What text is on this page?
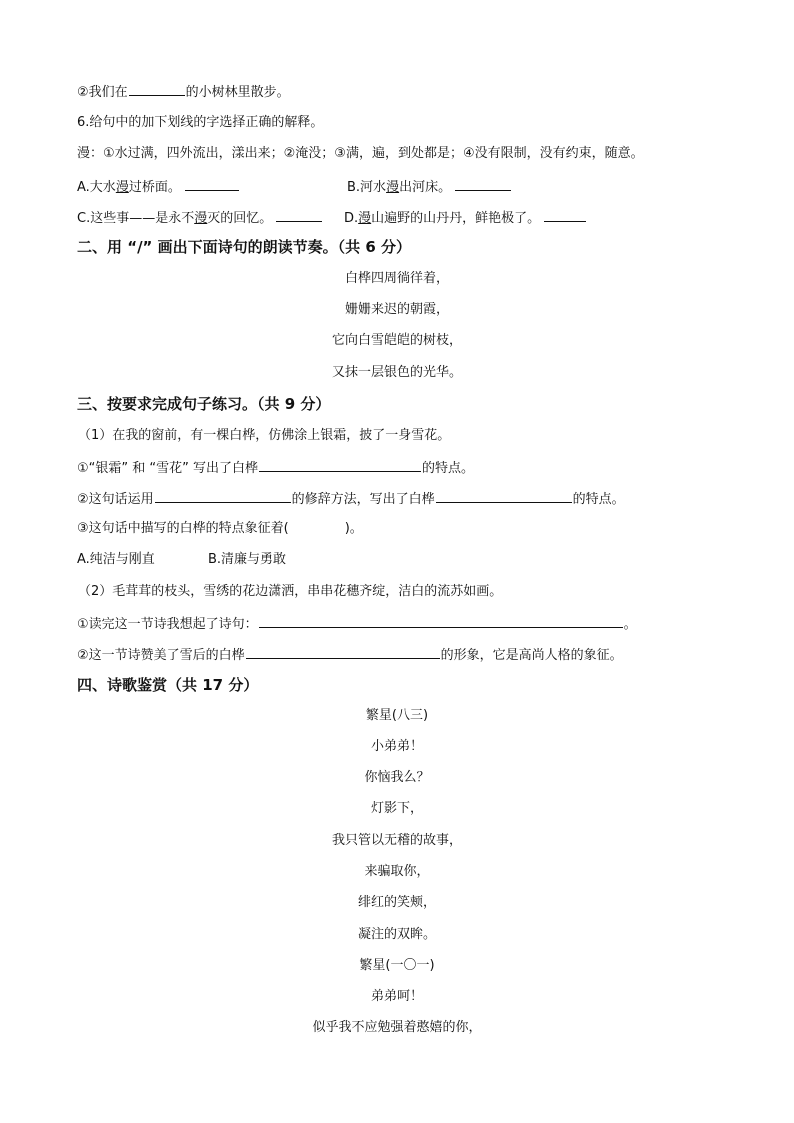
②我们在	的小树林里散步。
6.给句中的加下划线的字选择正确的解释。
漫：①水过满，四外流出，漾出来；②淹没；③满，遍，到处都是；④没有限制，没有约束，随意。
A.大水漫过桥面。	B.河水漫出河床。
C.这些事——是永不漫灭的回忆。	D.漫山遍野的山丹丹，鲜艳极了。
二、用 “/” 画出下面诗句的朗读节奏。（共 6 分）
白桦四周徜徉着，
姗姗来迟的朝霞，
它向白雪皑皑的树枝，
又抹一层银色的光华。
三、按要求完成句子练习。（共 9 分）
（1）在我的窗前，有一棵白桦，仿佛涂上银霜，披了一身雪花。
①“银霜” 和 “雪花” 写出了白桦	的特点。
②这句话运用	的修辞方法，写出了白桦	的特点。
③这句话中描写的白桦的特点象征着(	)。
A.纯洁与刚直	B.清廉与勇敢
（2）毛茸茸的枝头，雪绣的花边潇洒，串串花穗齐绽，洁白的流苏如画。
①读完这一节诗我想起了诗句：	。
②这一节诗赞美了雪后的白桦	的形象，它是高尚人格的象征。
四、诗歌鉴赏（共 17 分）
繁星(八三)
小弟弟！
你恼我么？
灯影下，
我只管以无稽的故事，
来骗取你，
绯红的笑颊，
凝注的双眸。
繁星(一〇一)
弟弟呵！
似乎我不应勉强着憨嬉的你，
